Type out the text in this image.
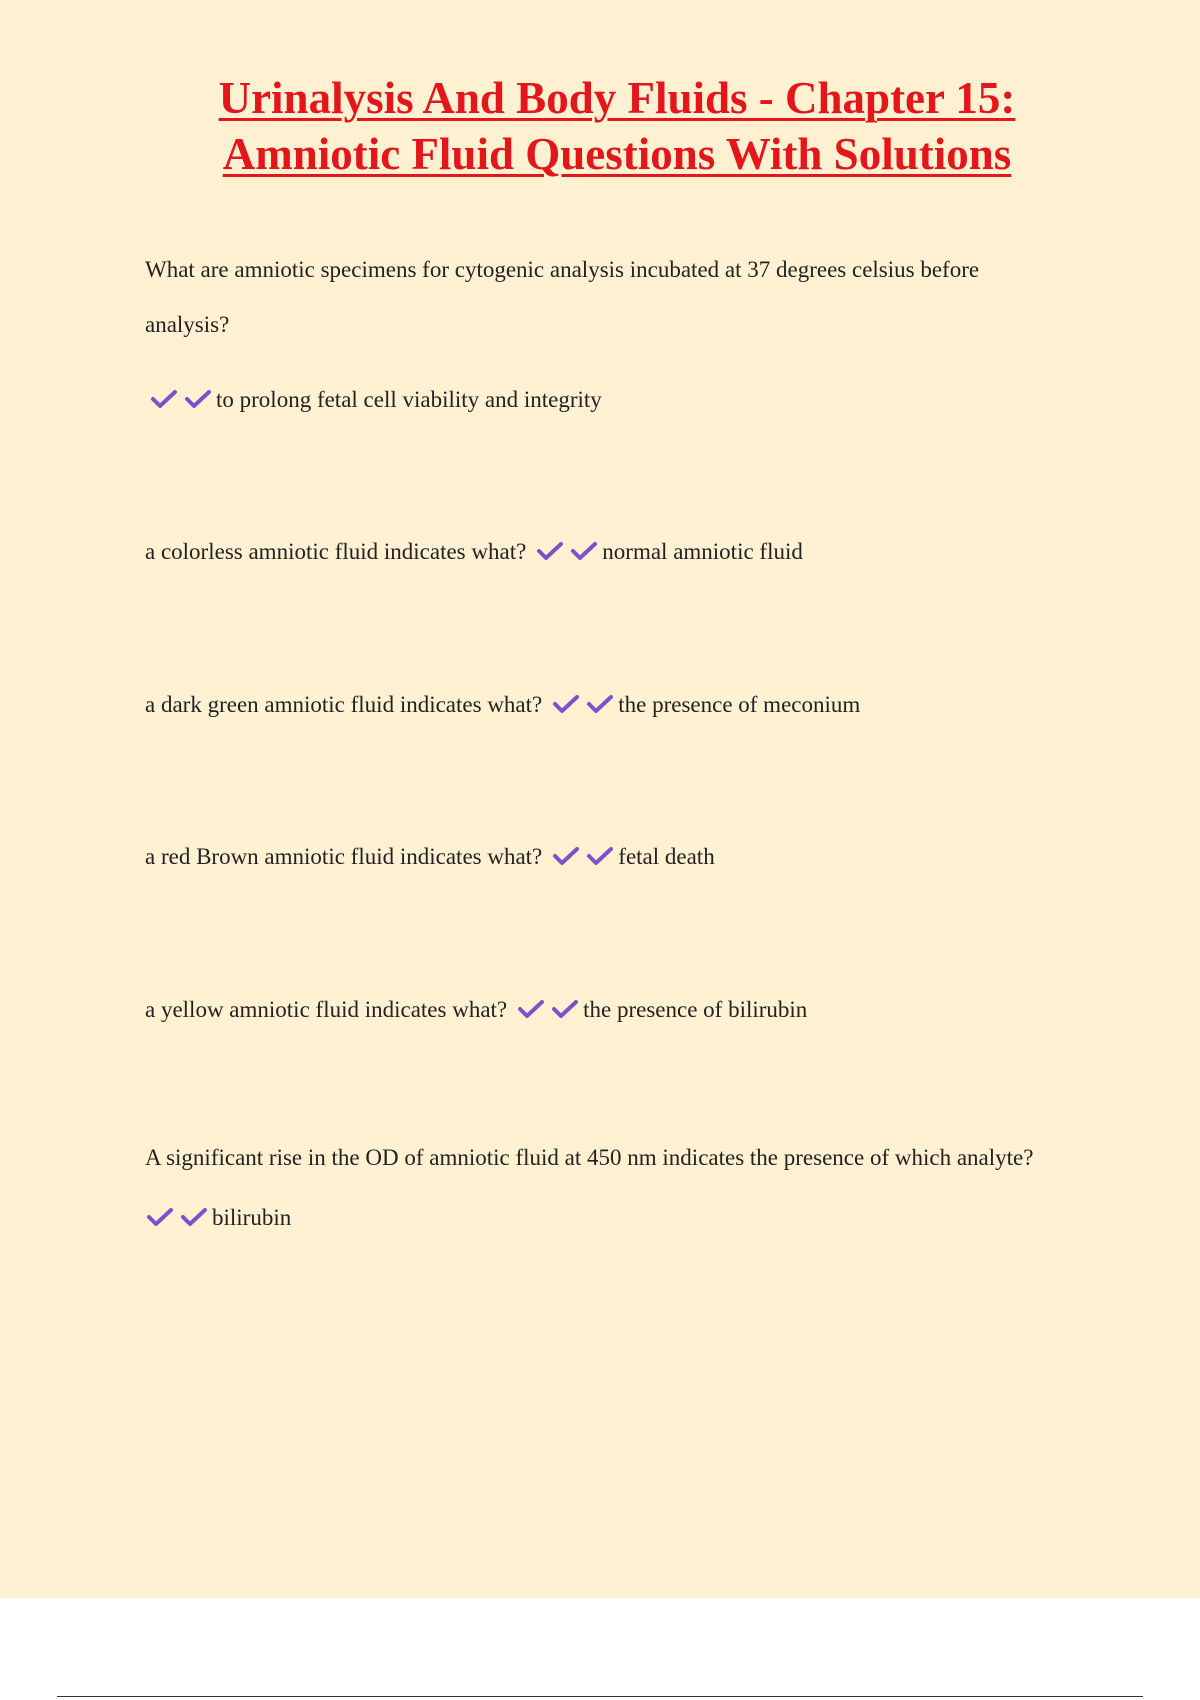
Urinalysis And Body Fluids - Chapter 15:
Amniotic Fluid Questions With Solutions

What are amniotic specimens for cytogenic analysis incubated at 37 degrees celsius before

analysis?

to prolong fetal cell viability and integrity

a colorless amniotic fluid indicates what?	normal amniotic fluid

a dark green amniotic fluid indicates what?	the presence of meconium

a red Brown amniotic fluid indicates what?	fetal death

a yellow amniotic fluid indicates what?	the presence of bilirubin

A significant rise in the OD of amniotic fluid at 450 nm indicates the presence of which analyte?

bilirubin
